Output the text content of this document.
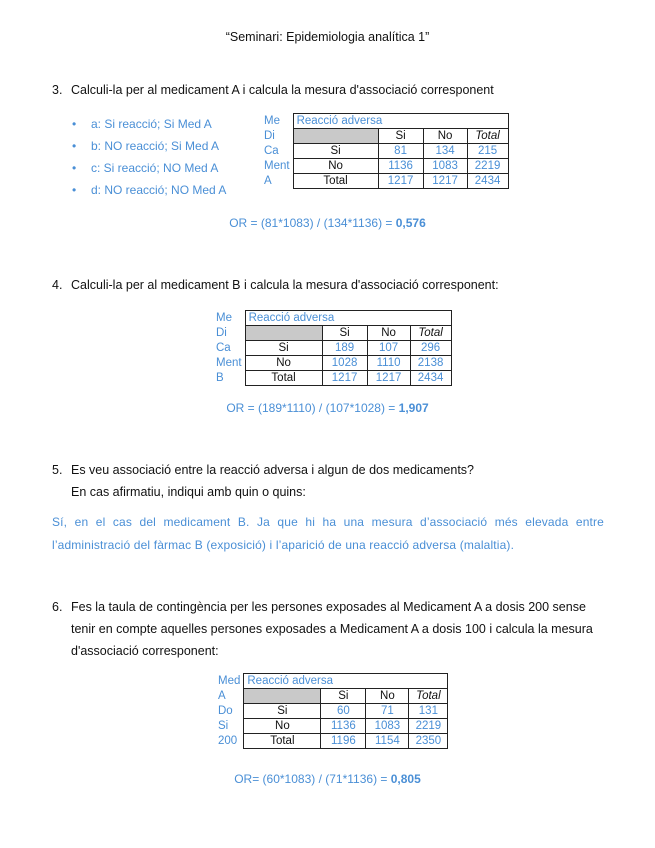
“Seminari: Epidemiologia analítica 1”
3. Calculi-la per al medicament A i calcula la mesura d'associació corresponent
• a: Si reacció; Si Med A
• b: NO reacció; Si Med A
• c: Si reacció; NO Med A
• d: NO reacció; NO Med A
Me	Reacció adversa			
Di		Si	No	Total
Ca	Si	81	134	215
Ment	No	1136	1083	2219
A	Total	1217	1217	2434
OR = (81*1083) / (134*1136) = 0,576
4. Calculi-la per al medicament B i calcula la mesura d'associació corresponent:
Me	Reacció adversa			
Di		Si	No	Total
Ca	Si	189	107	296
Ment	No	1028	1110	2138
B	Total	1217	1217	2434
OR = (189*1110) / (107*1028) = 1,907
5. Es veu associació entre la reacció adversa i algun de dos medicaments?
En cas afirmatiu, indiqui amb quin o quins:
Sí, en el cas del medicament B. Ja que hi ha una mesura d’associació més elevada entre
l’administració del fàrmac B (exposició) i l’aparició de una reacció adversa (malaltia).
6. Fes la taula de contingència per les persones exposades al Medicament A a dosis 200 sense
tenir en compte aquelles persones exposades a Medicament A a dosis 100 i calcula la mesura
d'associació corresponent:
Med	Reacció adversa			
A		Si	No	Total
Do	Si	60	71	131
Si	No	1136	1083	2219
200	Total	1196	1154	2350
OR= (60*1083) / (71*1136) = 0,805
